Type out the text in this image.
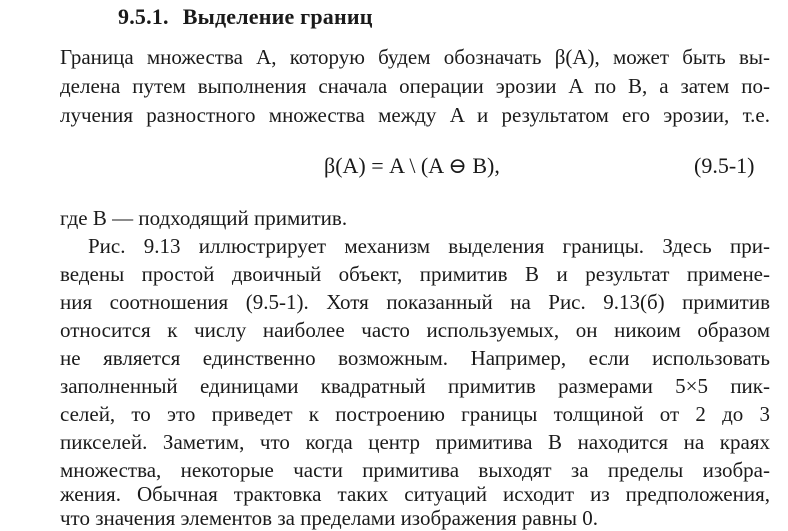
9.5.1. Выделение границ
Граница множества A, которую будем обозначать β(A), может быть вы-
делена путем выполнения сначала операции эрозии A по B, а затем по-
лучения разностного множества между A и результатом его эрозии, т.е.
β(A) = A \ (A ⊖ B),	(9.5-1)
где B — подходящий примитив.
Рис. 9.13 иллюстрирует механизм выделения границы. Здесь при-
ведены простой двоичный объект, примитив B и результат примене-
ния соотношения (9.5-1). Хотя показанный на Рис. 9.13(б) примитив
относится к числу наиболее часто используемых, он никоим образом
не является единственно возможным. Например, если использовать
заполненный единицами квадратный примитив размерами 5×5 пик-
селей, то это приведет к построению границы толщиной от 2 до 3
пикселей. Заметим, что когда центр примитива B находится на краях
множества, некоторые части примитива выходят за пределы изобра-
жения. Обычная трактовка таких ситуаций исходит из предположения,
что значения элементов за пределами изображения равны 0.
